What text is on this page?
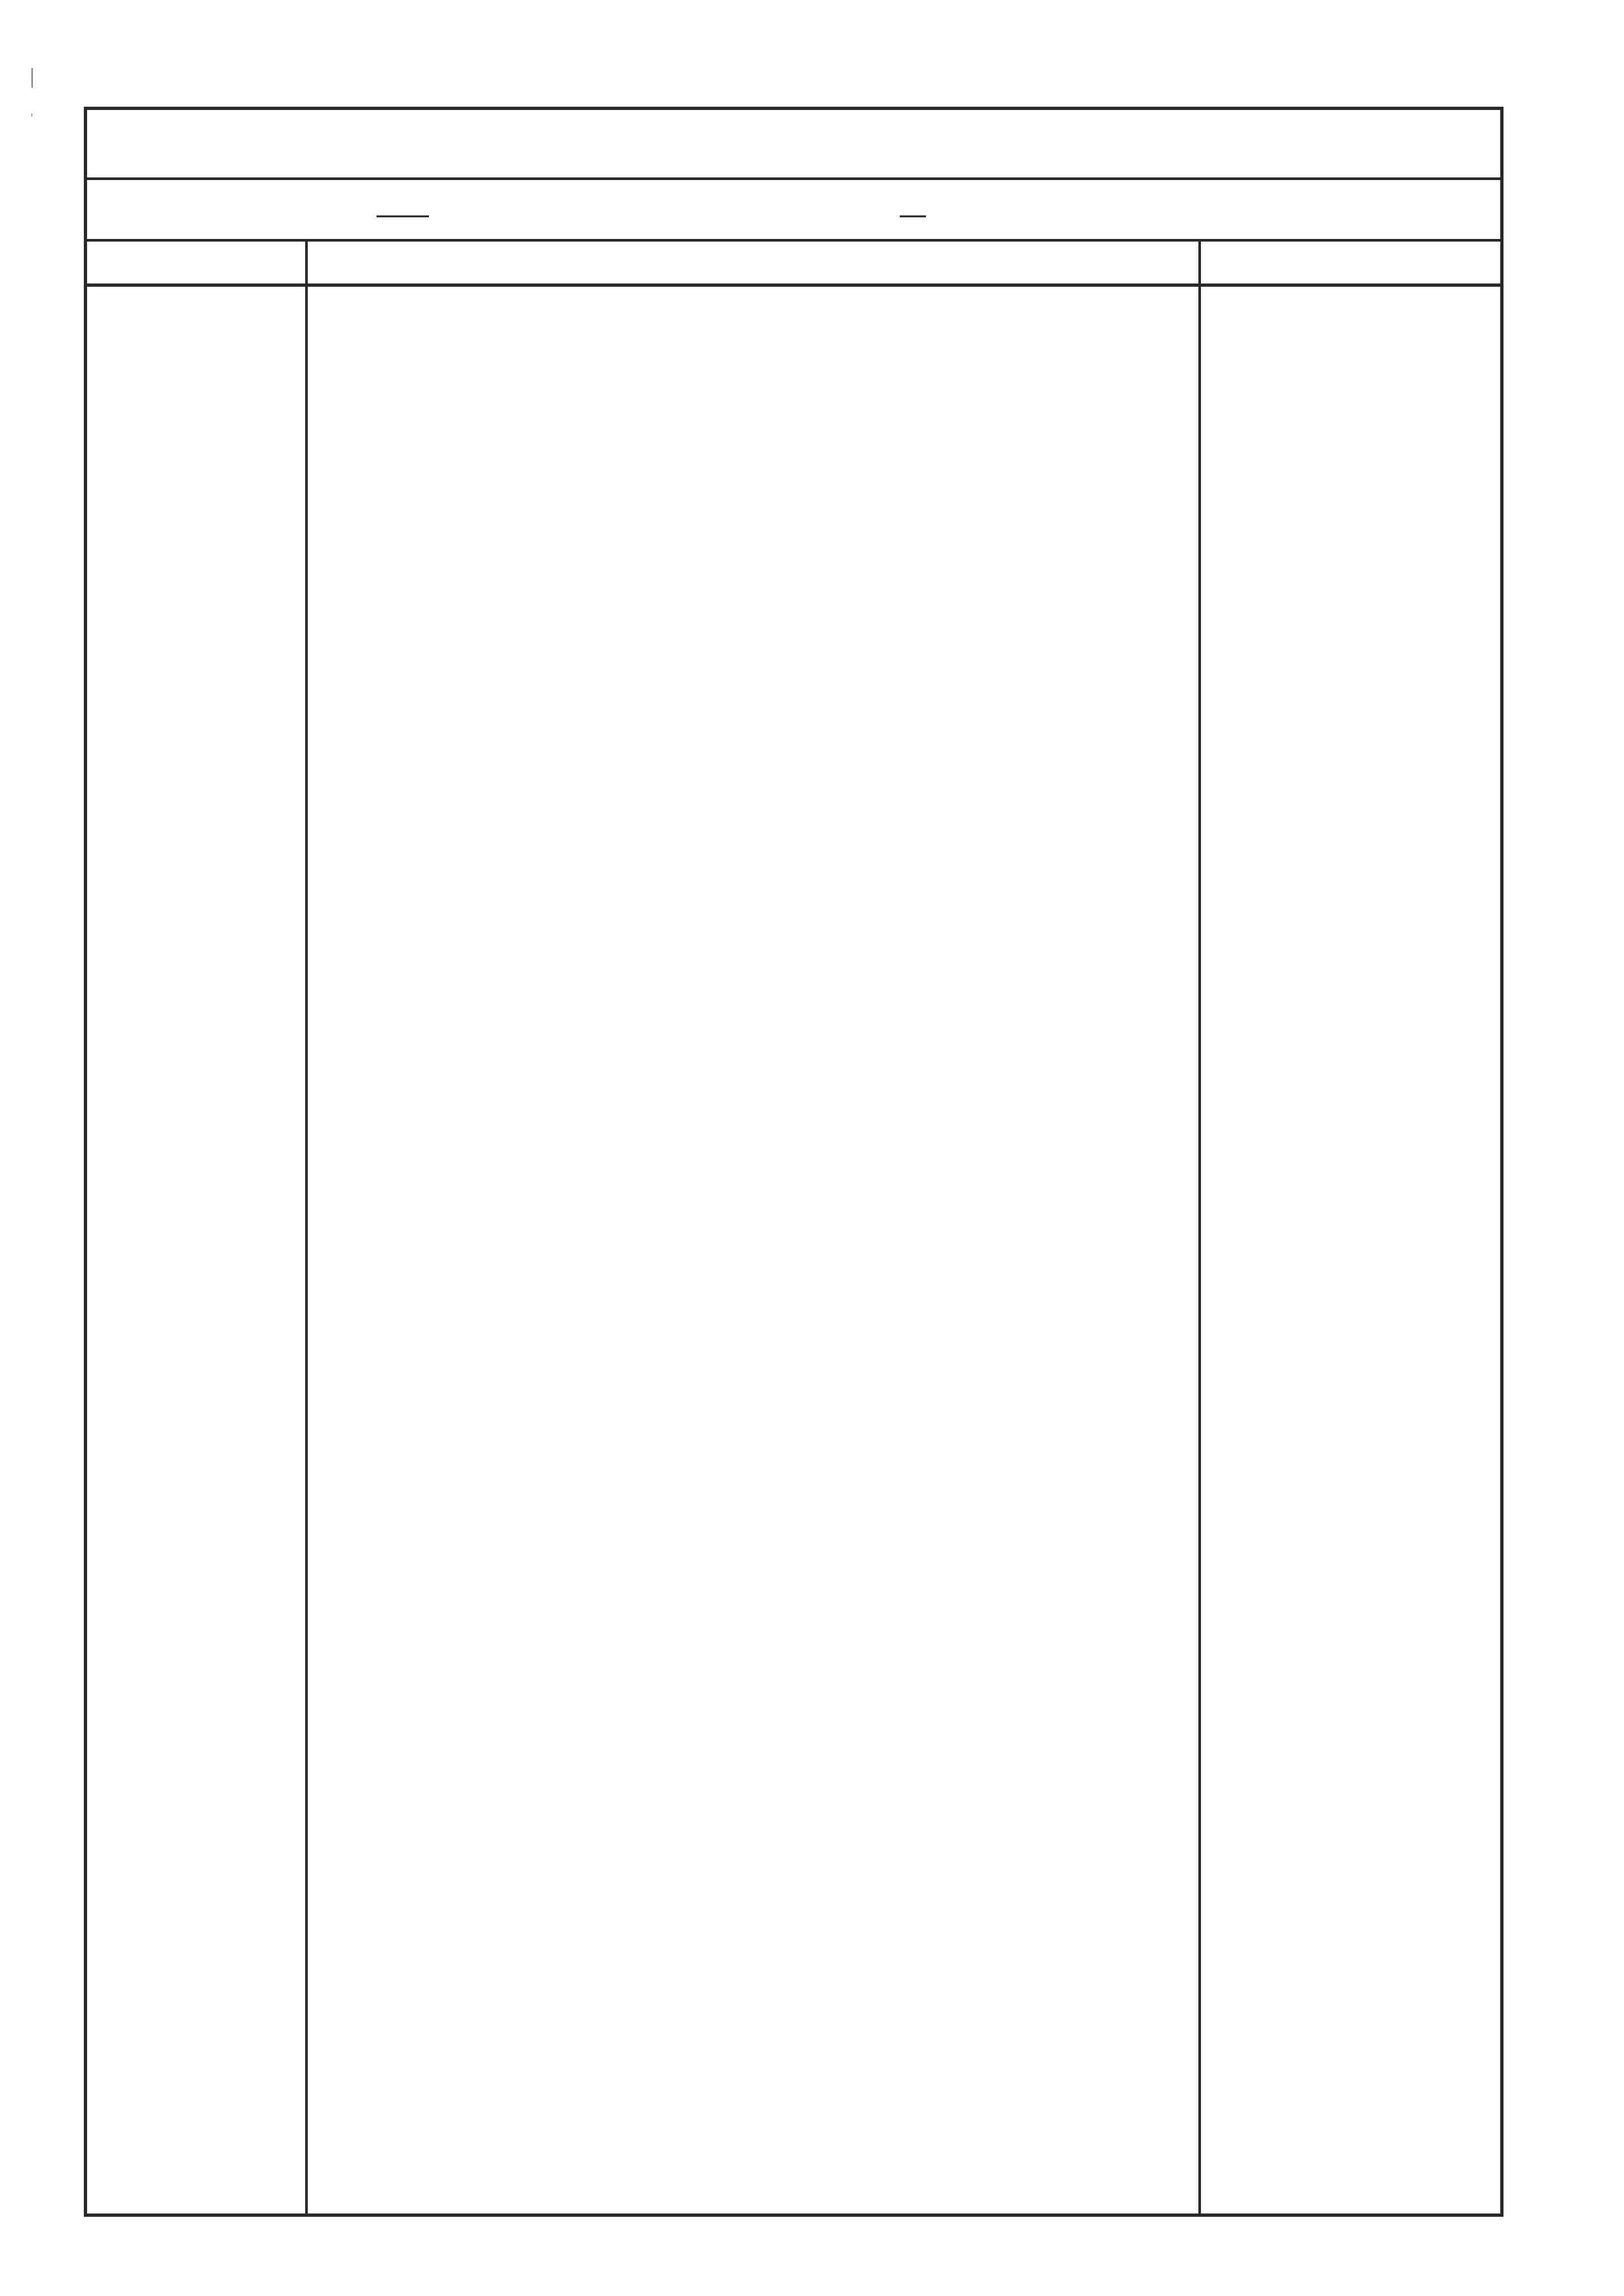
|
'
